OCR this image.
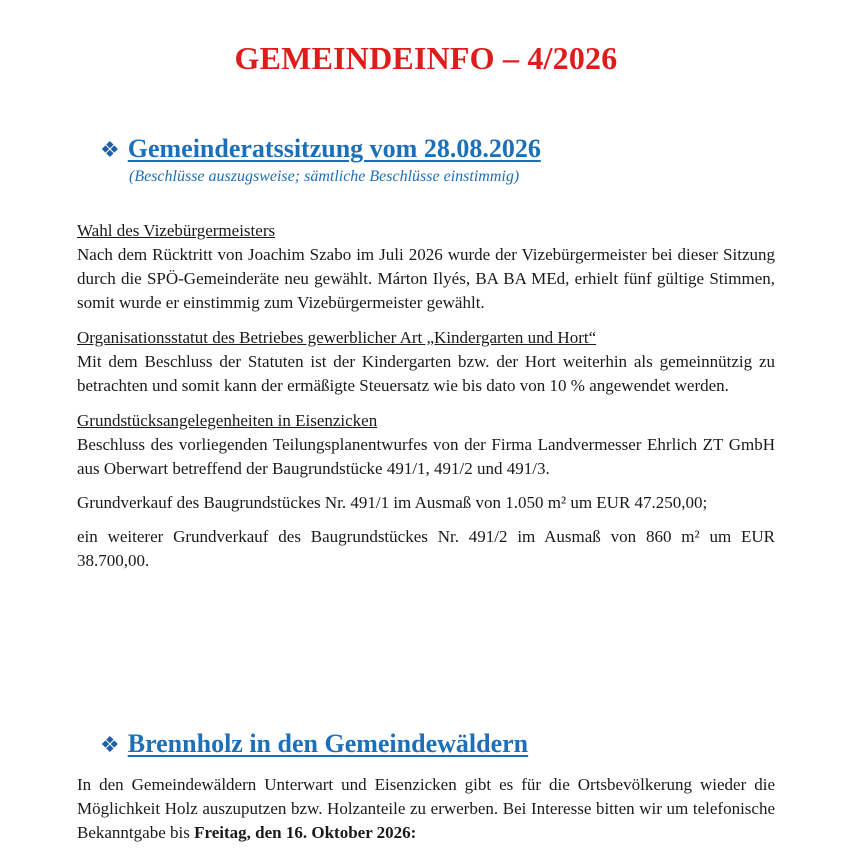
GEMEINDEINFO – 4/2026
❖ Gemeinderatssitzung vom 28.08.2026
(Beschlüsse auszugsweise; sämtliche Beschlüsse einstimmig)
Wahl des Vizebürgermeisters

Nach dem Rücktritt von Joachim Szabo im Juli 2026 wurde der Vizebürgermeister bei dieser Sitzung durch die SPÖ-Gemeinderäte neu gewählt. Márton Ilyés, BA BA MEd, erhielt fünf gültige Stimmen, somit wurde er einstimmig zum Vizebürgermeister gewählt.

Organisationsstatut des Betriebes gewerblicher Art „Kindergarten und Hort“

Mit dem Beschluss der Statuten ist der Kindergarten bzw. der Hort weiterhin als gemeinnützig zu betrachten und somit kann der ermäßigte Steuersatz wie bis dato von 10 % angewendet werden.

Grundstücksangelegenheiten in Eisenzicken

Beschluss des vorliegenden Teilungsplanentwurfes von der Firma Landvermesser Ehrlich ZT GmbH aus Oberwart betreffend der Baugrundstücke 491/1, 491/2 und 491/3.

Grundverkauf des Baugrundstückes Nr. 491/1 im Ausmaß von 1.050 m² um EUR 47.250,00;

ein weiterer Grundverkauf des Baugrundstückes Nr. 491/2 im Ausmaß von 860 m² um EUR 38.700,00.

❖ Brennholz in den Gemeindewäldern

In den Gemeindewäldern Unterwart und Eisenzicken gibt es für die Ortsbevölkerung wieder die Möglichkeit Holz auszuputzen bzw. Holzanteile zu erwerben. Bei Interesse bitten wir um telefonische Bekanntgabe bis Freitag, den 16. Oktober 2026:
